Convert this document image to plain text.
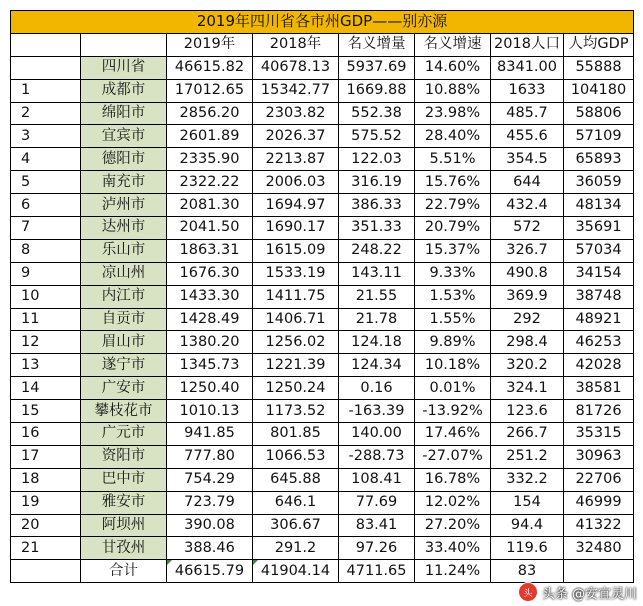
2019年四川省各市州GDP——别亦源							
		2019年	2018年	名义增量	名义增速	2018人口	人均GDP
	四川省	46615.82	40678.13	5937.69	14.60%	8341.00	55888
1	成都市	17012.65	15342.77	1669.88	10.88%	1633	104180
2	绵阳市	2856.20	2303.82	552.38	23.98%	485.7	58806
3	宜宾市	2601.89	2026.37	575.52	28.40%	455.6	57109
4	德阳市	2335.90	2213.87	122.03	5.51%	354.5	65893
5	南充市	2322.22	2006.03	316.19	15.76%	644	36059
6	泸州市	2081.30	1694.97	386.33	22.79%	432.4	48134
7	达州市	2041.50	1690.17	351.33	20.79%	572	35691
8	乐山市	1863.31	1615.09	248.22	15.37%	326.7	57034
9	凉山州	1676.30	1533.19	143.11	9.33%	490.8	34154
10	内江市	1433.30	1411.75	21.55	1.53%	369.9	38748
11	自贡市	1428.49	1406.71	21.78	1.55%	292	48921
12	眉山市	1380.20	1256.02	124.18	9.89%	298.4	46253
13	遂宁市	1345.73	1221.39	124.34	10.18%	320.2	42028
14	广安市	1250.40	1250.24	0.16	0.01%	324.1	38581
15	攀枝花市	1010.13	1173.52	-163.39	-13.92%	123.6	81726
16	广元市	941.85	801.85	140.00	17.46%	266.7	35315
17	资阳市	777.80	1066.53	-288.73	-27.07%	251.2	30963
18	巴中市	754.29	645.88	108.41	16.78%	332.2	22706
19	雅安市	723.79	646.1	77.69	12.02%	154	46999
20	阿坝州	390.08	306.67	83.41	27.20%	94.4	41322
21	甘孜州	388.46	291.2	97.26	33.40%	119.6	32480
	合计	46615.79	41904.14	4711.65	11.24%	83	
头 头条 @安宜灵川
